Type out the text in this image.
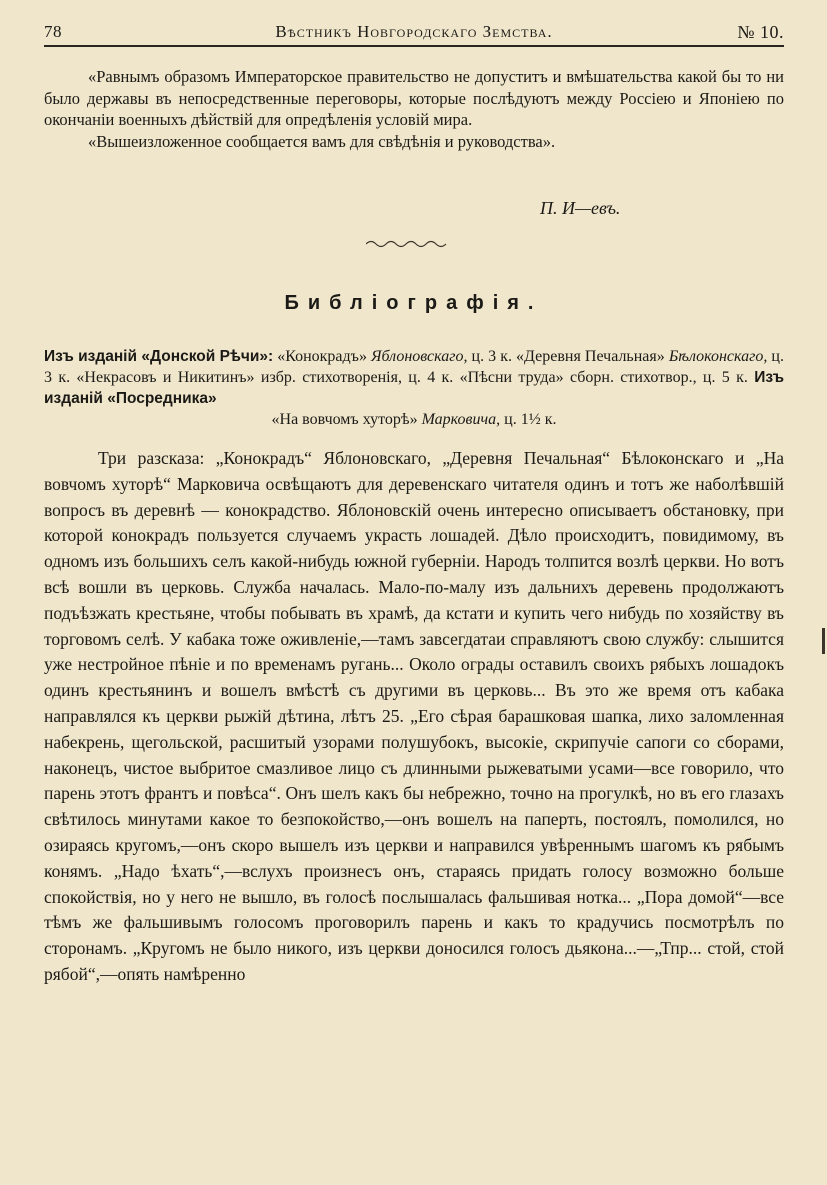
78	Вѣстникъ Новгородскаго Земства.	№ 10.

«Равнымъ образомъ Императорское правительство не допуститъ и вмѣшательства какой бы то ни было державы въ непосредственные переговоры, которые послѣдуютъ между Россіею и Японіею по окончаніи военныхъ дѣйствій для опредѣленія условій мира.

«Вышеизложенное сообщается вамъ для свѣдѣнія и руководства».

П. И—евъ.
Библіографія.
Изъ изданій «Донской Рѣчи»: «Конокрадъ» Яблоновскаго, ц. 3 к. «Деревня Печальная» Бѣлоконскаго, ц. 3 к. «Некрасовъ и Никитинъ» избр. стихотворенія, ц. 4 к. «Пѣсни труда» сборн. стихотвор., ц. 5 к. Изъ изданій «Посредника»
«На вовчомъ хуторѣ» Марковича, ц. 1½ к.

Три разсказа: „Конокрадъ“ Яблоновскаго, „Деревня Печальная“ Бѣлоконскаго и „На вовчомъ хуторѣ“ Марковича освѣщаютъ для деревенскаго читателя одинъ и тотъ же наболѣвшій вопросъ въ деревнѣ — конокрадство. Яблоновскій очень интересно описываетъ обстановку, при которой конокрадъ пользуется случаемъ украсть лошадей. Дѣло происходитъ, повидимому, въ одномъ изъ большихъ селъ какой-нибудь южной губерніи. Народъ толпится возлѣ церкви. Но вотъ всѣ вошли въ церковь. Служба началась. Мало-по-малу изъ дальнихъ деревень продолжаютъ подъѣзжать крестьяне, чтобы побывать въ храмѣ, да кстати и купить чего нибудь по хозяйству въ торговомъ селѣ. У кабака тоже оживленіе,—тамъ завсегдатаи справляютъ свою службу: слышится уже нестройное пѣніе и по временамъ ругань... Около ограды оставилъ своихъ рябыхъ лошадокъ одинъ крестьянинъ и вошелъ вмѣстѣ съ другими въ церковь... Въ это же время отъ кабака направлялся къ церкви рыжій дѣтина, лѣтъ 25. „Его сѣрая барашковая шапка, лихо заломленная набекрень, щегольской, расшитый узорами полушубокъ, высокіе, скрипучіе сапоги со сборами, наконецъ, чистое выбритое смазливое лицо съ длинными рыжеватыми усами—все говорило, что парень этотъ франтъ и повѣса“. Онъ шелъ какъ бы небрежно, точно на прогулкѣ, но въ его глазахъ свѣтилось минутами какое то безпокойство,—онъ вошелъ на паперть, постоялъ, помолился, но озираясь кругомъ,—онъ скоро вышелъ изъ церкви и направился увѣреннымъ шагомъ къ рябымъ конямъ. „Надо ѣхать“,—вслухъ произнесъ онъ, стараясь придать голосу возможно больше спокойствія, но у него не вышло, въ голосѣ послышалась фальшивая нотка... „Пора домой“—все тѣмъ же фальшивымъ голосомъ проговорилъ парень и какъ то крадучись посмотрѣлъ по сторонамъ. „Кругомъ не было никого, изъ церкви доносился голосъ дьякона...—„Тпр... стой, стой рябой“,—опять намѣренно
